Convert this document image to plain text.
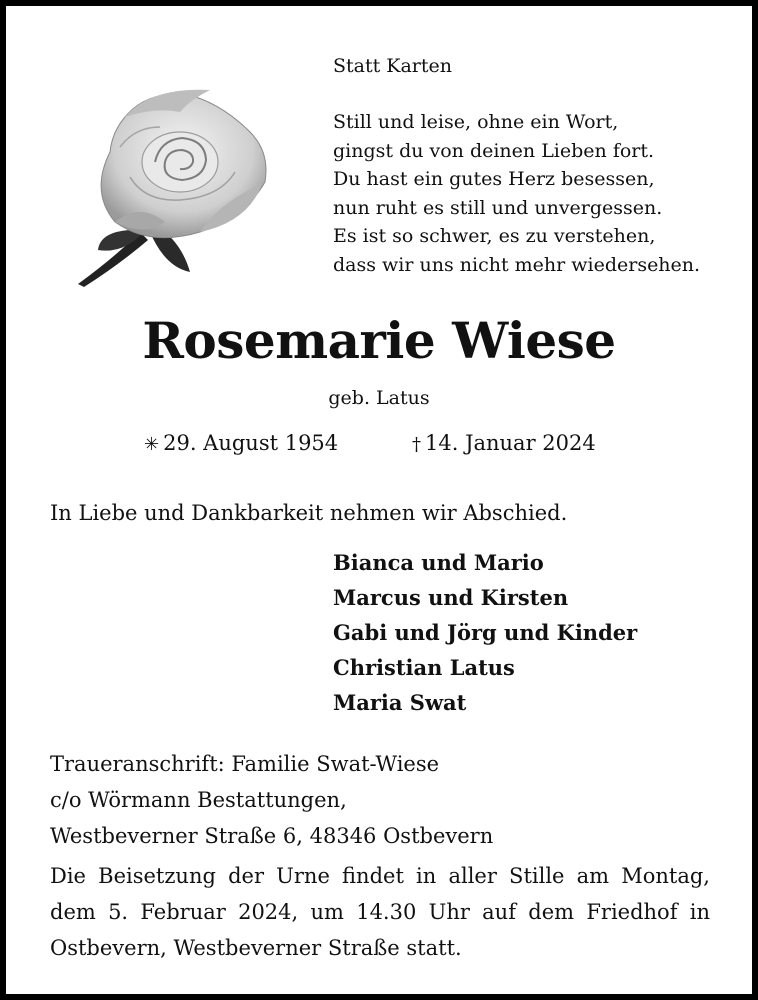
Statt Karten
Still und leise, ohne ein Wort,
gingst du von deinen Lieben fort.
Du hast ein gutes Herz besessen,
nun ruht es still und unvergessen.
Es ist so schwer, es zu verstehen,
dass wir uns nicht mehr wiedersehen.
Rosemarie Wiese
geb. Latus
✳ 29. August 1954	† 14. Januar 2024
In Liebe und Dankbarkeit nehmen wir Abschied.
Bianca und Mario
Marcus und Kirsten
Gabi und Jörg und Kinder
Christian Latus
Maria Swat
Traueranschrift: Familie Swat-Wiese
c/o Wörmann Bestattungen,
Westbeverner Straße 6, 48346 Ostbevern
Die Beisetzung der Urne findet in aller Stille am Montag, dem 5. Februar 2024, um 14.30 Uhr auf dem Friedhof in Ostbevern, Westbeverner Straße statt.
